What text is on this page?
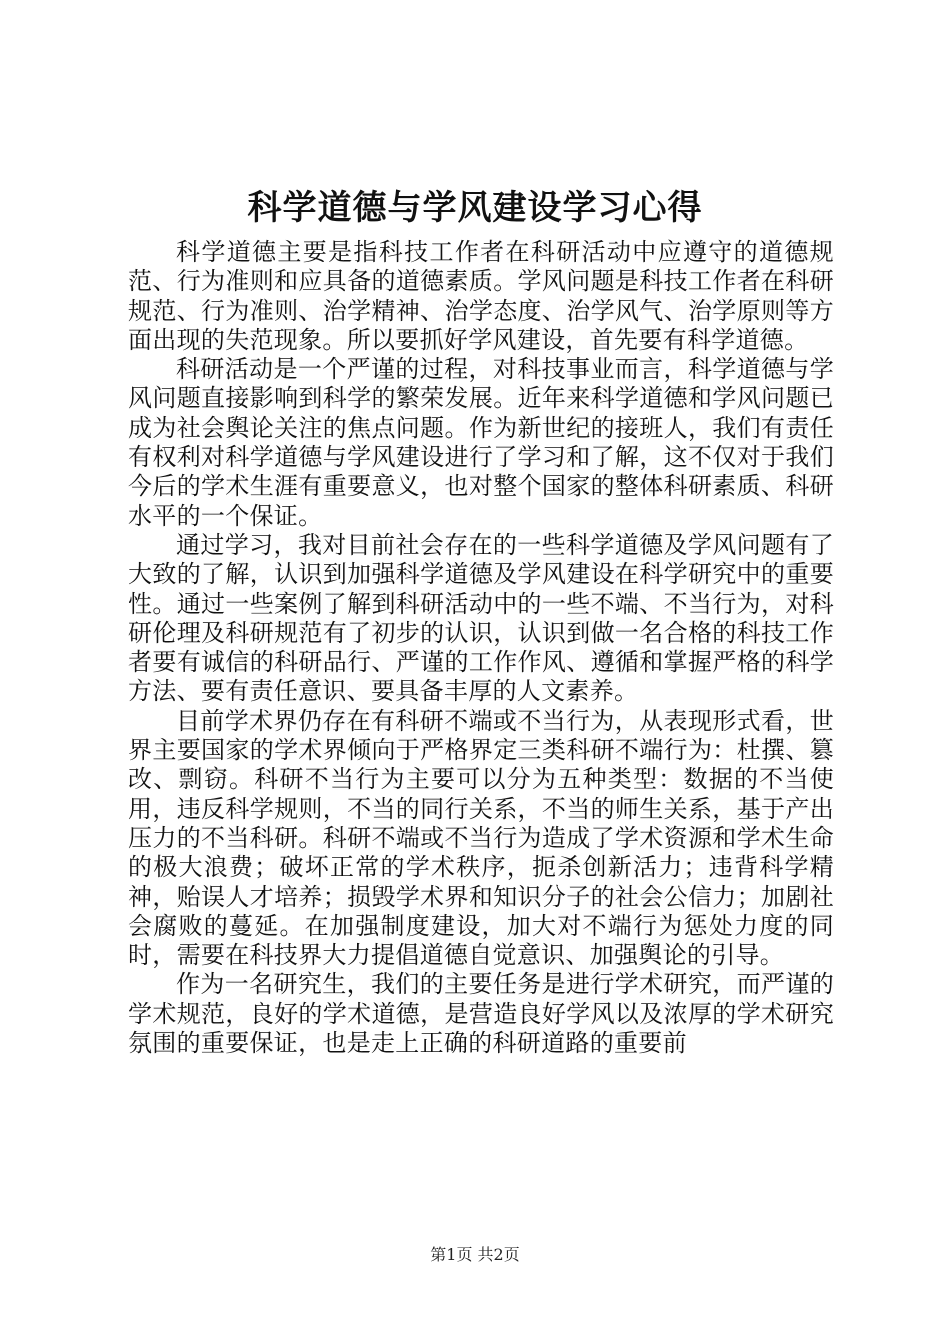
科学道德与学风建设学习心得

科学道德主要是指科技工作者在科研活动中应遵守的道德规范、行为准则和应具备的道德素质。学风问题是科技工作者在科研规范、行为准则、治学精神、治学态度、治学风气、治学原则等方面出现的失范现象。所以要抓好学风建设，首先要有科学道德。

科研活动是一个严谨的过程，对科技事业而言，科学道德与学风问题直接影响到科学的繁荣发展。近年来科学道德和学风问题已成为社会舆论关注的焦点问题。作为新世纪的接班人，我们有责任有权利对科学道德与学风建设进行了学习和了解，这不仅对于我们今后的学术生涯有重要意义，也对整个国家的整体科研素质、科研水平的一个保证。

通过学习，我对目前社会存在的一些科学道德及学风问题有了大致的了解，认识到加强科学道德及学风建设在科学研究中的重要性。通过一些案例了解到科研活动中的一些不端、不当行为，对科研伦理及科研规范有了初步的认识，认识到做一名合格的科技工作者要有诚信的科研品行、严谨的工作作风、遵循和掌握严格的科学方法、要有责任意识、要具备丰厚的人文素养。

目前学术界仍存在有科研不端或不当行为，从表现形式看，世界主要国家的学术界倾向于严格界定三类科研不端行为：杜撰、篡改、剽窃。科研不当行为主要可以分为五种类型：数据的不当使用，违反科学规则，不当的同行关系，不当的师生关系，基于产出压力的不当科研。科研不端或不当行为造成了学术资源和学术生命的极大浪费；破坏正常的学术秩序，扼杀创新活力；违背科学精神，贻误人才培养；损毁学术界和知识分子的社会公信力；加剧社会腐败的蔓延。在加强制度建设，加大对不端行为惩处力度的同时，需要在科技界大力提倡道德自觉意识、加强舆论的引导。

作为一名研究生，我们的主要任务是进行学术研究，而严谨的学术规范，良好的学术道德，是营造良好学风以及浓厚的学术研究氛围的重要保证，也是走上正确的科研道路的重要前

第1页 共2页
